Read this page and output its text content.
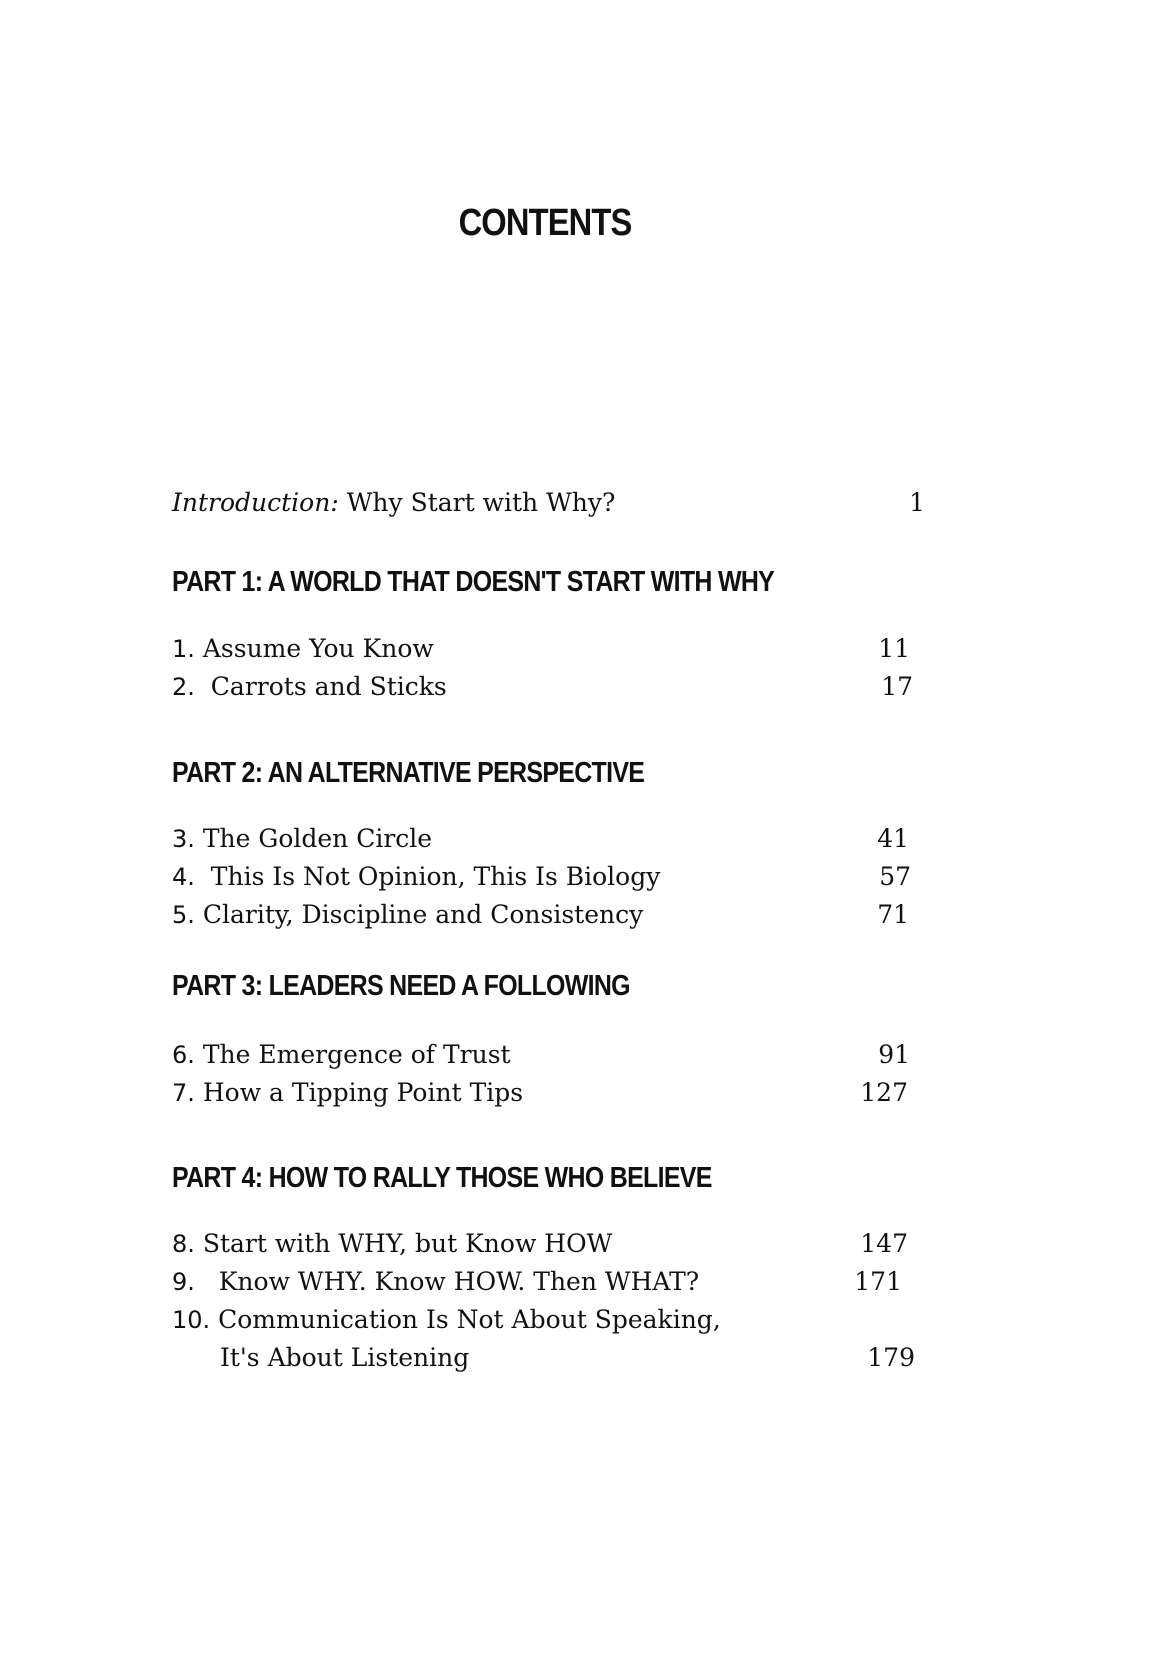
CONTENTS
Introduction: Why Start with Why?	1
PART 1: A WORLD THAT DOESN'T START WITH WHY
1. Assume You Know	11
2.  Carrots and Sticks	17
PART 2: AN ALTERNATIVE PERSPECTIVE
3. The Golden Circle	41
4.  This Is Not Opinion, This Is Biology	57
5. Clarity, Discipline and Consistency	71
PART 3: LEADERS NEED A FOLLOWING
6. The Emergence of Trust	91
7. How a Tipping Point Tips	127
PART 4: HOW TO RALLY THOSE WHO BELIEVE
8. Start with WHY, but Know HOW	147
9.   Know WHY. Know HOW. Then WHAT?	171
10. Communication Is Not About Speaking,
It's About Listening	179
